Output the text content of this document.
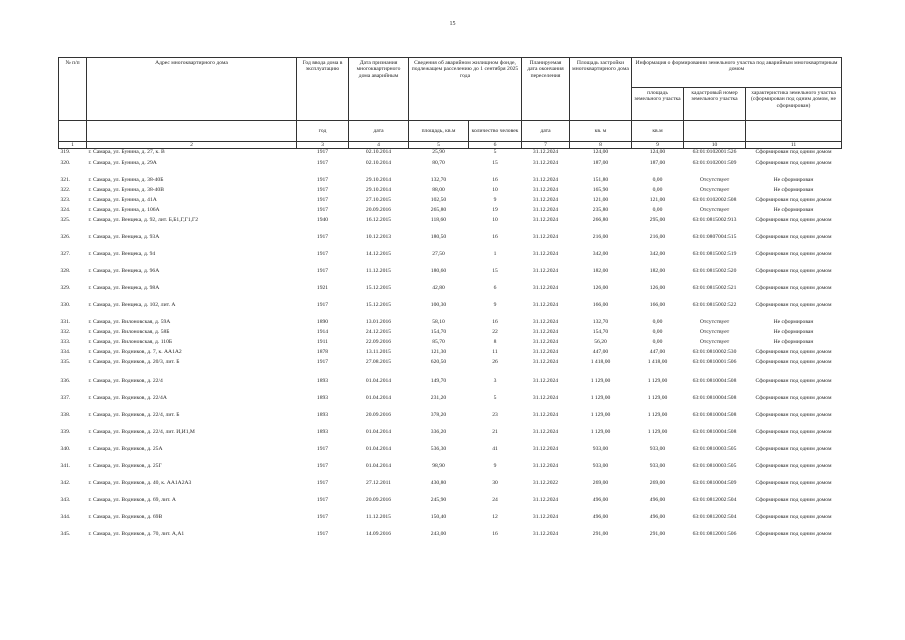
15
№ п/п	Адрес многоквартирного дома	Год ввода дома в эксплуатацию	Дата признания многоквартирного дома аварийным	Сведения об аварийном жилищном фонде, подлежащем расселению до 1 сентября 2025 года		Планируемая дата окончания переселения	Площадь застройки многоквартирного дома	Информация о формировании земельного участка под аварийным многоквартирным домом		
								площадь земельного участка	кадастровый номер земельного участка	характеристика земельного участка (сформирован под одним домом, не сформирован)
		год	дата	площадь, кв.м	количество человек	дата	кв. м	кв.м		
1	2	3	4	5	6	7	8	9	10	11
319.	г. Самара, ул. Бунина, д. 27, к. В	1917	02.10.2014	25,90	5	31.12.2024	124,00	124,00	63:01:0102001:526	Сформирован под одним домом
320.	г. Самара, ул. Бунина, д. 29А	1917	02.10.2014	80,70	15	31.12.2024	187,00	187,00	63:01:0102001:509	Сформирован под одним домом
321.	г. Самара, ул. Бунина, д. 38-40Б	1917	29.10.2014	132,70	16	31.12.2024	151,80	0,00	Отсутствует	Не сформирован
322.	г. Самара, ул. Бунина, д. 38-40В	1917	29.10.2014	88,00	10	31.12.2024	165,90	0,00	Отсутствует	Не сформирован
323.	г. Самара, ул. Бунина, д. 41А	1917	27.10.2015	102,50	9	31.12.2024	121,00	121,00	63:01:0102002:508	Сформирован под одним домом
324.	г. Самара, ул. Бунина, д. 106А	1917	20.09.2016	265,80	19	31.12.2024	235,80	0,00	Отсутствует	Не сформирован
325.	г. Самара, ул. Венцека, д. 92, лит. Б,Б1,Г,Г1,Г2	1940	16.12.2015	118,60	10	31.12.2024	266,80	295,00	63:01:0815002:913	Сформирован под одним домом
326.	г. Самара, ул. Венцека, д. 93А	1917	10.12.2013	180,50	16	31.12.2024	216,00	216,00	63:01:0807004:515	Сформирован под одним домом
327.	г. Самара, ул. Венцека, д. 94	1917	14.12.2015	27,50	1	31.12.2024	342,00	342,00	63:01:0815002:519	Сформирован под одним домом
328.	г. Самара, ул. Венцека, д. 96А	1917	11.12.2015	180,60	15	31.12.2024	182,00	182,00	63:01:0815002:520	Сформирован под одним домом
329.	г. Самара, ул. Венцека, д. 98А	1921	15.12.2015	42,80	6	31.12.2024	126,00	126,00	63:01:0815002:521	Сформирован под одним домом
330.	г. Самара, ул. Венцека, д. 102, лит. А	1917	15.12.2015	100,30	9	31.12.2024	166,00	166,00	63:01:0815002:522	Сформирован под одним домом
331.	г. Самара, ул. Вилоновская, д. 59А	1890	13.01.2016	58,10	16	31.12.2024	132,70	0,00	Отсутствует	Не сформирован
332.	г. Самара, ул. Вилоновская, д. 58Б	1914	24.12.2015	154,70	22	31.12.2024	154,70	0,00	Отсутствует	Не сформирован
333.	г. Самара, ул. Вилоновская, д. 110Б	1911	22.09.2016	85,70	8	31.12.2024	56,20	0,00	Отсутствует	Не сформирован
334.	г. Самара, ул. Водников, д. 7, к. АА1А2	1878	13.11.2015	121,30	11	31.12.2024	447,00	447,00	63:01:0810002:530	Сформирован под одним домом
335.	г. Самара, ул. Водников, д. 20/3, лит. Б	1917	27.08.2015	620,50	26	31.12.2024	1 418,00	1 418,00	63:01:0810001:506	Сформирован под одним домом
336.	г. Самара, ул. Водников, д. 22/4	1893	01.04.2014	149,70	3	31.12.2024	1 129,00	1 129,00	63:01:0810004:508	Сформирован под одним домом
337.	г. Самара, ул. Водников, д. 22/4А	1893	01.04.2014	231,20	5	31.12.2024	1 129,00	1 129,00	63:01:0810004:508	Сформирован под одним домом
338.	г. Самара, ул. Водников, д. 22/4, лит. Б	1893	20.09.2016	378,20	23	31.12.2024	1 129,00	1 129,00	63:01:0810004:508	Сформирован под одним домом
339.	г. Самара, ул. Водников, д. 22/4, лит. И,И1,М	1893	01.04.2014	336,20	21	31.12.2024	1 129,00	1 129,00	63:01:0810004:508	Сформирован под одним домом
340.	г. Самара, ул. Водников, д. 25А	1917	01.04.2014	536,30	41	31.12.2024	933,00	933,00	63:01:0810003:505	Сформирован под одним домом
341.	г. Самара, ул. Водников, д. 25Г	1917	01.04.2014	98,90	9	31.12.2024	933,00	933,00	63:01:0810003:505	Сформирован под одним домом
342.	г. Самара, ул. Водников, д. 40, к. АА1А2А3	1917	27.12.2011	430,80	30	31.12.2022	269,00	269,00	63:01:0810004:509	Сформирован под одним домом
343.	г. Самара, ул. Водников, д. 69, лит. А	1917	20.09.2016	245,90	24	31.12.2024	496,00	496,00	63:01:0812002:504	Сформирован под одним домом
344.	г. Самара, ул. Водников, д. 69В	1917	11.12.2015	150,40	12	31.12.2024	496,00	496,00	63:01:0812002:504	Сформирован под одним домом
345.	г. Самара, ул. Водников, д. 70, лит. А,А1	1917	14.09.2016	243,00	16	31.12.2024	291,00	291,00	63:01:0812001:506	Сформирован под одним домом
